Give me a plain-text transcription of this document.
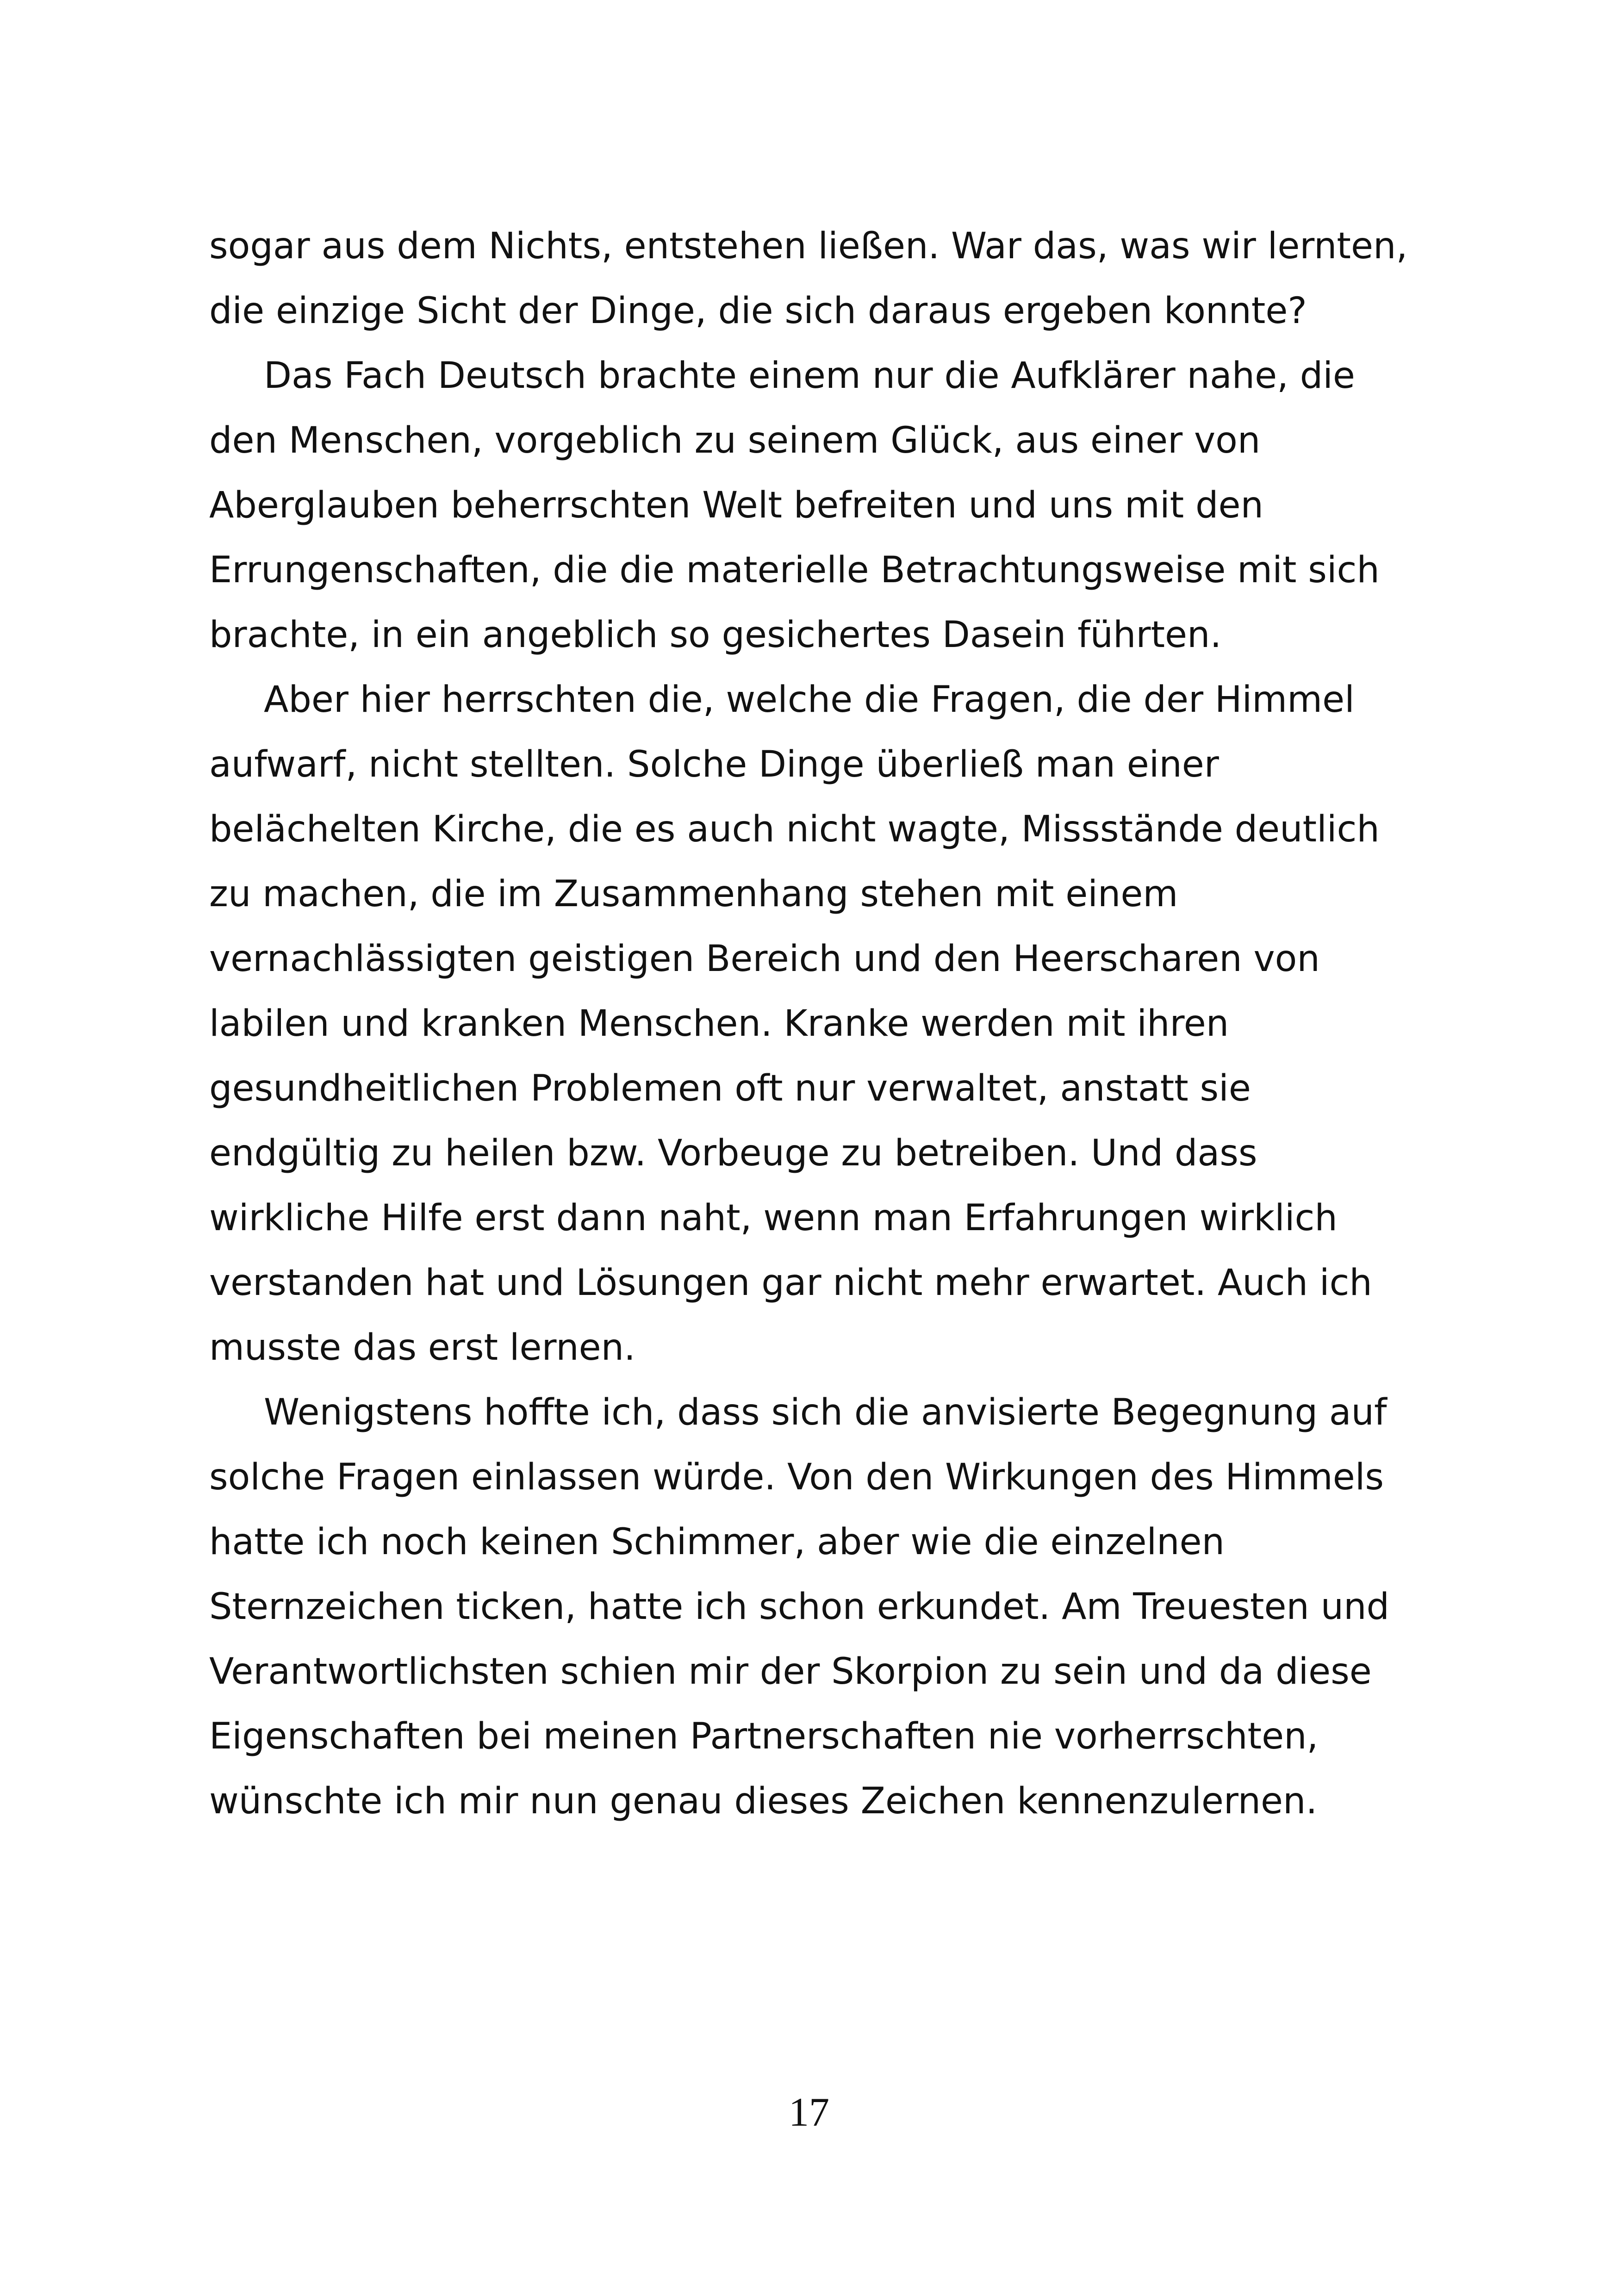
sogar aus dem Nichts, entstehen ließen. War das, was wir lernten, die einzige Sicht der Dinge, die sich daraus ergeben konnte?

Das Fach Deutsch brachte einem nur die Aufklärer nahe, die den Menschen, vorgeblich zu seinem Glück, aus einer von Aberglauben beherrschten Welt befreiten und uns mit den Errungenschaften, die die materielle Betrachtungsweise mit sich brachte, in ein angeblich so gesichertes Dasein führten.

Aber hier herrschten die, welche die Fragen, die der Himmel aufwarf, nicht stellten. Solche Dinge überließ man einer belächelten Kirche, die es auch nicht wagte, Missstände deutlich zu machen, die im Zusammenhang stehen mit einem vernachlässigten geistigen Bereich und den Heerscharen von labilen und kranken Menschen. Kranke werden mit ihren gesundheitlichen Problemen oft nur verwaltet, anstatt sie endgültig zu heilen bzw. Vorbeuge zu betreiben. Und dass wirkliche Hilfe erst dann naht, wenn man Erfahrungen wirklich verstanden hat und Lösungen gar nicht mehr erwartet. Auch ich musste das erst lernen.

Wenigstens hoffte ich, dass sich die anvisierte Begegnung auf solche Fragen einlassen würde. Von den Wirkungen des Himmels hatte ich noch keinen Schimmer, aber wie die einzelnen Sternzeichen ticken, hatte ich schon erkundet. Am Treuesten und Verantwortlichsten schien mir der Skorpion zu sein und da diese Eigenschaften bei meinen Partnerschaften nie vorherrschten, wünschte ich mir nun genau dieses Zeichen kennenzulernen.

17
